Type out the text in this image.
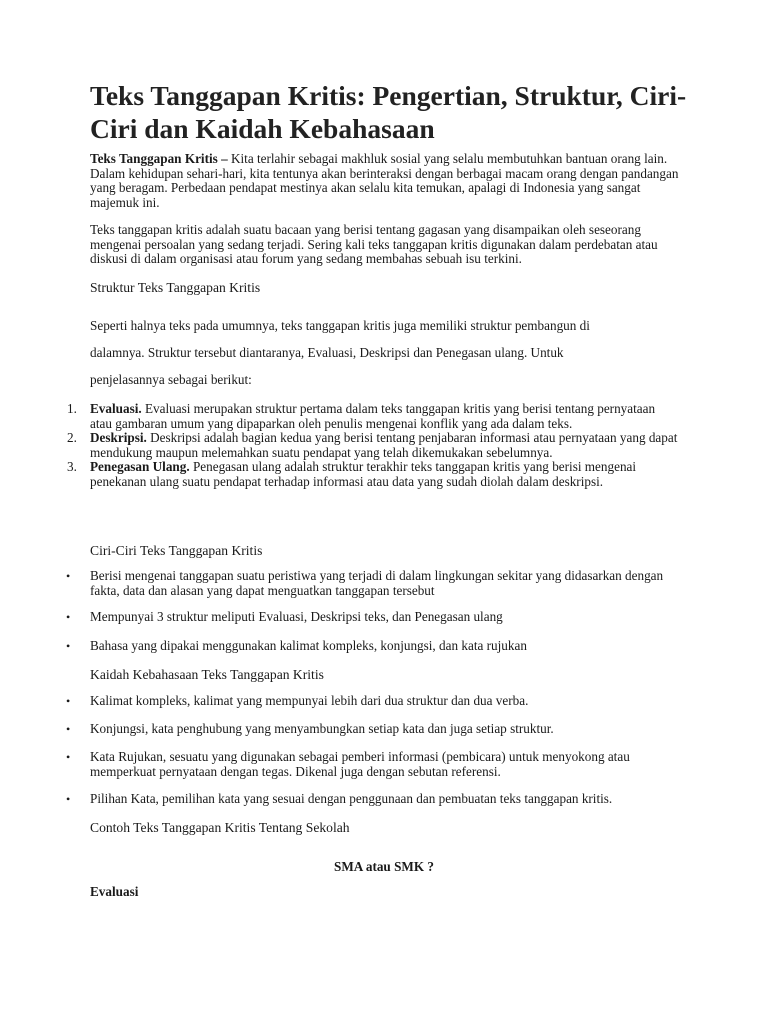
Teks Tanggapan Kritis: Pengertian, Struktur, Ciri-Ciri dan Kaidah Kebahasaan
Teks Tanggapan Kritis – Kita terlahir sebagai makhluk sosial yang selalu membutuhkan bantuan orang lain. Dalam kehidupan sehari-hari, kita tentunya akan berinteraksi dengan berbagai macam orang dengan pandangan yang beragam. Perbedaan pendapat mestinya akan selalu kita temukan, apalagi di Indonesia yang sangat majemuk ini.
Teks tanggapan kritis adalah suatu bacaan yang berisi tentang gagasan yang disampaikan oleh seseorang mengenai persoalan yang sedang terjadi. Sering kali teks tanggapan kritis digunakan dalam perdebatan atau diskusi di dalam organisasi atau forum yang sedang membahas sebuah isu terkini.
Struktur Teks Tanggapan Kritis
Seperti halnya teks pada umumnya, teks tanggapan kritis juga memiliki struktur pembangun di
dalamnya. Struktur tersebut diantaranya, Evaluasi, Deskripsi dan Penegasan ulang. Untuk
penjelasannya sebagai berikut:
1. Evaluasi. Evaluasi merupakan struktur pertama dalam teks tanggapan kritis yang berisi tentang pernyataan atau gambaran umum yang dipaparkan oleh penulis mengenai konflik yang ada dalam teks.
2. Deskripsi. Deskripsi adalah bagian kedua yang berisi tentang penjabaran informasi atau pernyataan yang dapat mendukung maupun melemahkan suatu pendapat yang telah dikemukakan sebelumnya.
3. Penegasan Ulang. Penegasan ulang adalah struktur terakhir teks tanggapan kritis yang berisi mengenai penekanan ulang suatu pendapat terhadap informasi atau data yang sudah diolah dalam deskripsi.
Ciri-Ciri Teks Tanggapan Kritis
• Berisi mengenai tanggapan suatu peristiwa yang terjadi di dalam lingkungan sekitar yang didasarkan dengan fakta, data dan alasan yang dapat menguatkan tanggapan tersebut
• Mempunyai 3 struktur meliputi Evaluasi, Deskripsi teks, dan Penegasan ulang
• Bahasa yang dipakai menggunakan kalimat kompleks, konjungsi, dan kata rujukan
Kaidah Kebahasaan Teks Tanggapan Kritis
• Kalimat kompleks, kalimat yang mempunyai lebih dari dua struktur dan dua verba.
• Konjungsi, kata penghubung yang menyambungkan setiap kata dan juga setiap struktur.
• Kata Rujukan, sesuatu yang digunakan sebagai pemberi informasi (pembicara) untuk menyokong atau memperkuat pernyataan dengan tegas. Dikenal juga dengan sebutan referensi.
• Pilihan Kata, pemilihan kata yang sesuai dengan penggunaan dan pembuatan teks tanggapan kritis.
Contoh Teks Tanggapan Kritis Tentang Sekolah
SMA atau SMK ?
Evaluasi
